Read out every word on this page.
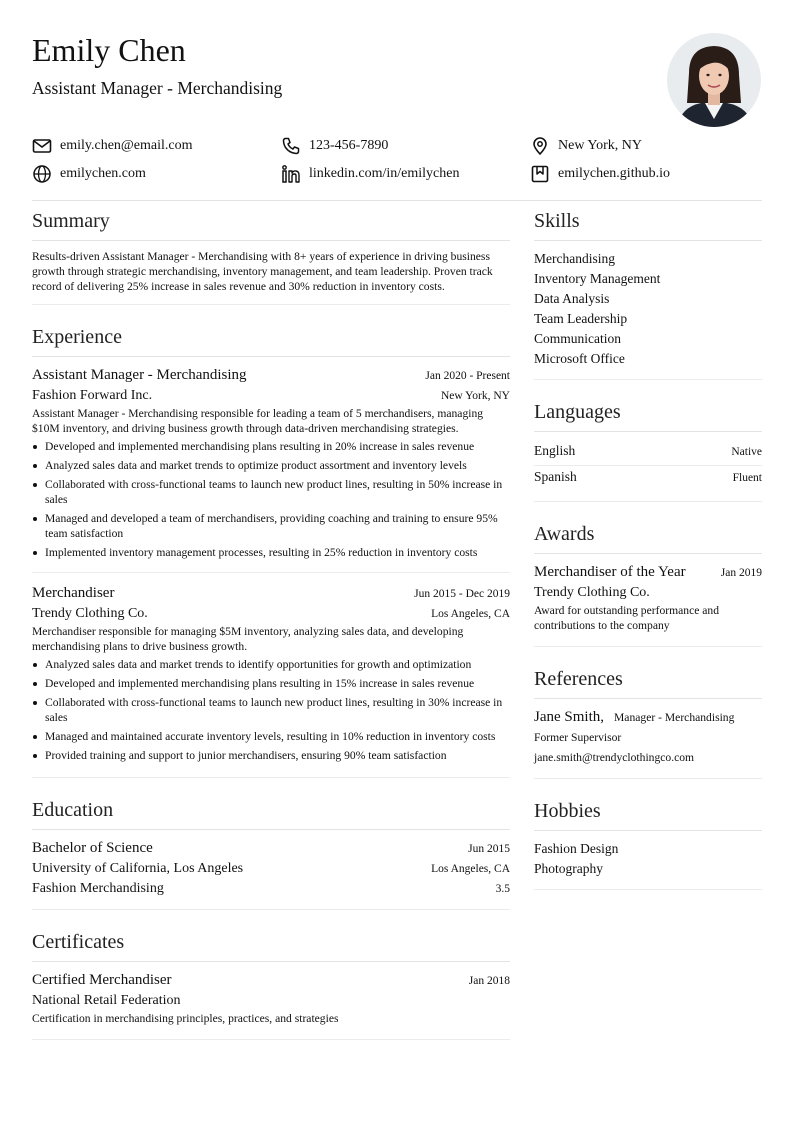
Emily Chen
Assistant Manager - Merchandising
emily.chen@email.com	123-456-7890	New York, NY
emilychen.com	linkedin.com/in/emilychen	emilychen.github.io
Summary

Results-driven Assistant Manager - Merchandising with 8+ years of experience in driving business growth through strategic merchandising, inventory management, and team leadership. Proven track record of delivering 25% increase in sales revenue and 30% reduction in inventory costs.

Experience
Assistant Manager - Merchandising	Jan 2020 - Present
Fashion Forward Inc.	New York, NY

Assistant Manager - Merchandising responsible for leading a team of 5 merchandisers, managing $10M inventory, and driving business growth through data-driven merchandising strategies.

Developed and implemented merchandising plans resulting in 20% increase in sales revenue
Analyzed sales data and market trends to optimize product assortment and inventory levels
Collaborated with cross-functional teams to launch new product lines, resulting in 50% increase in sales
Managed and developed a team of merchandisers, providing coaching and training to ensure 95% team satisfaction
Implemented inventory management processes, resulting in 25% reduction in inventory costs
Merchandiser	Jun 2015 - Dec 2019
Trendy Clothing Co.	Los Angeles, CA

Merchandiser responsible for managing $5M inventory, analyzing sales data, and developing merchandising plans to drive business growth.

Analyzed sales data and market trends to identify opportunities for growth and optimization
Developed and implemented merchandising plans resulting in 15% increase in sales revenue
Collaborated with cross-functional teams to launch new product lines, resulting in 30% increase in sales
Managed and maintained accurate inventory levels, resulting in 10% reduction in inventory costs
Provided training and support to junior merchandisers, ensuring 90% team satisfaction
Education
Bachelor of Science	Jun 2015
University of California, Los Angeles	Los Angeles, CA
Fashion Merchandising	3.5
Certificates
Certified Merchandiser	Jan 2018
National Retail Federation

Certification in merchandising principles, practices, and strategies

Skills
Merchandising
Inventory Management
Data Analysis
Team Leadership
Communication
Microsoft Office
Languages
English	Native
Spanish	Fluent
Awards
Merchandiser of the Year	Jan 2019
Trendy Clothing Co.

Award for outstanding performance and contributions to the company

References
Jane Smith, Manager - Merchandising
Former Supervisor
jane.smith@trendyclothingco.com
Hobbies
Fashion Design
Photography
